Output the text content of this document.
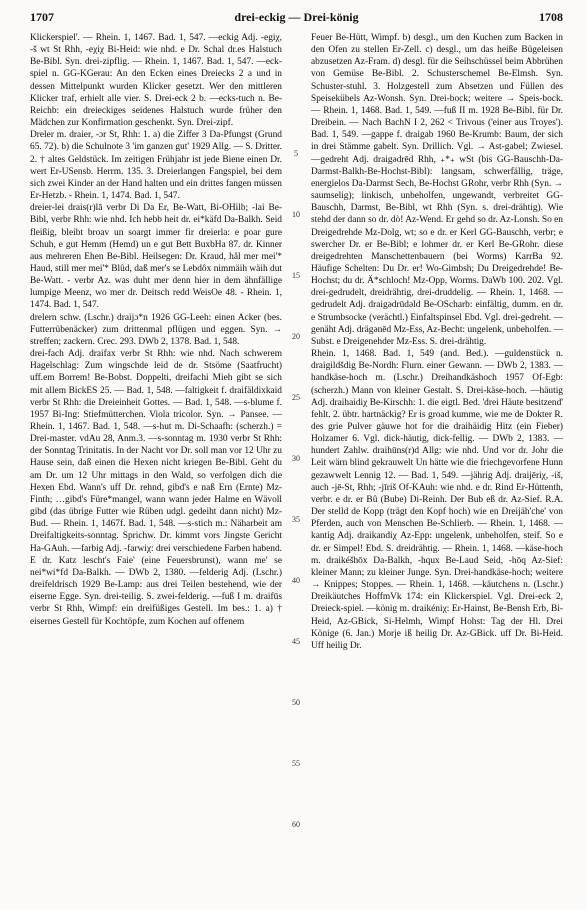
1707	drei-eckig — Drei-könig	1708

Klickerspiel'. — Rhein. 1, 1467. Bad. 1, 547. —eckig Adj. -egiχ, -š wt St Rhh, -eχiχ Bi-Heid: wie nhd. e Dr. Schal dr.es Halstuch Be-Bibl. Syn. drei-zipflig. — Rhein. 1, 1467. Bad. 1, 547. —eck-spiel n. GG-KGerau: An den Ecken eines Dreiecks 2 a und in dessen Mittelpunkt wurden Klicker gesetzt. Wer den mittleren Klicker traf, erhielt alle vier. S. Drei-eck 2 b. —ecks-tuch n. Be-Reichb: ein dreieckiges seidenes Halstuch wurde früher den Mädchen zur Konfirmation geschenkt. Syn. Drei-zipf.

Dreler m. draier, -ɔr St, Rhh: 1. a) die Ziffer 3 Da-Pfungst (Grund 65. 72). b) die Schulnote 3 'im ganzen gut' 1929 Allg. — S. Dritter. 2. † altes Geldstück. Im zeitigen Frühjahr ist jede Biene einen Dr. wert Er-USensb. Herrm. 135. 3. Dreierlangen Fangspiel, bei dem sich zwei Kinder an der Hand halten und ein drittes fangen müssen Er-Hetzb. - Rhein. 1, 1474. Bad. 1, 547.

dreier-lei drais(r)lā verbr Di Da Er, Be-Watt, Bi-OHilb; -lai Be-Bibl, verbr Rhh: wie nhd. Ich hebb heit dr. ei*käfd Da-Balkh. Seid fleißig, bleibt broav un soargt immer fir dreierla: e poar gure Schuh, e gut Hemm (Hemd) un e gut Bett BuxbHa 87. dr. Kinner aus mehreren Ehen Be-Bibl. Heilsegen: Dr. Kraud, hål mer mei'* Haud, still mer mei'* Blûd, daß mer's se Lebdôx nimmäih wäih dut Be-Watt. - verbr Az. was duht mer denn hier in dem ähnfällige lumpige Meenz, wo mer dr. Deitsch redd WeisOe 48. - Rhein. 1, 1474. Bad. 1, 547.

drelern schw. (Lschr.) draijɔ*n 1926 GG-Leeh: einen Acker (bes. Futterrübenäcker) zum drittenmal pflügen und eggen. Syn. → streffen; zackern. Crec. 293. DWb 2, 1378. Bad. 1, 548.

drei-fach Adj. draifax verbr St Rhh: wie nhd. Nach schwerem Hagelschlag: Zum wingschde leid de dr. Stsöme (Saatfrucht) uff.em Borrem! Be-Bobst. Doppelti, dreifachi Mieh gibt se sich mit allem BickES 25. — Bad. 1, 548. —faltigkeit f. draifäldixkaid verbr St Rhh: die Dreieinheit Gottes. — Bad. 1, 548. —s-blume f. 1957 Bi-Ing: Stiefmütterchen. Viola tricolor. Syn. → Pansee. — Rhein. 1, 1467. Bad. 1, 548. —s-hut m. Di-Schaafh: (scherzh.) = Drei-master. vdAu 28, Anm.3. —s-sonntag m. 1930 verbr St Rhh: der Sonntag Trinitatis. In der Nacht vor Dr. soll man vor 12 Uhr zu Hause sein, daß einen die Hexen nicht kriegen Be-Bibl. Geht du am Dr. um 12 Uhr mittags in den Wald, so verfolgen dich die Hexen Ebd. Wann's uff Dr. rehnd, gibd's e naß Ern (Ernte) Mz-Finth; …gibd's Füre*mangel, wann wann jeder Halme en Wävoll gibd (das übrige Futter wie Rüben udgl. gedeiht dann nicht) Mz-Bud. — Rhein. 1, 1467f. Bad. 1, 548. —s-stich m.: Näharbeit am Dreifaltigkeits-sonntag. Sprichw. Dr. kimmt vors Jingste Gericht Ha-GAuh. —farbig Adj. -farwiχ: drei verschiedene Farben habend. E dr. Katz lescht's Faie' (eine Feuersbrunst), wann me' se nei*wi*fd Da-Balkh. — DWb 2, 1380. —felderig Adj. (Lschr.) dreifeldrisch 1929 Be-Lamp: aus drei Teilen bestehend, wie der eiserne Egge. Syn. drei-teilig. S. zwei-felderig. —fuß I m. draifūs verbr St Rhh, Wimpf: ein dreifüßiges Gestell. Im bes.: 1. a) † eisernes Gestell für Kochtöpfe, zum Kochen auf offenem

5
10
15
20
25
30
35
40
45
50
55
60

Feuer Be-Hütt, Wimpf. b) desgl., um den Kuchen zum Backen in den Ofen zu stellen Er-Zell. c) desgl., um das heiße Bügeleisen abzusetzen Az-Fram. d) desgl. für die Seihschüssel beim Abbrühen von Gemüse Be-Bibl. 2. Schusterschemel Be-Elmsh. Syn. Schuster-stuhl. 3. Holzgestell zum Absetzen und Füllen des Speisekübels Az-Wonsh. Syn. Drei-bock; weitere → Speis-bock. — Rhein. 1, 1468. Bad. 1, 549. —fuß II m. 1928 Be-Bibl. für Dr. Dreibein. — Nach BachN I 2, 262 < Trivous ('einer aus Troyes'). Bad. 1, 549. —gappe f. draigab 1960 Be-Krumb: Baum, der sich in drei Stämme gabelt. Syn. Drillich. Vgl. → Ast-gabel; Zwiesel. —gedreht Adj. draigədrēd Rhh, ₊*₊ wSt (bis GG-Bauschh-Da-Darmst-Balkh-Be-Hochst-Bibl): langsam, schwerfällig, träge, energielos Da-Darmst Sech, Be-Hochst GRohr, verbr Rhh (Syn. → saumselig); linkisch, unbeholfen, ungewandt, verbreitet GG-Bauschh, Darmst, Be-Bibl, wt Rhh (Syn. s. drei-drähtig). Wie stehd der dann so dr. dò! Az-Wend. Er gehd so dr. Az-Lonsh. So en Dreigedrehde Mz-Dolg, wt; so e dr. er Kerl GG-Bauschh, verbr; e swercher Dr. er Be-Bibl; e lohmer dr. er Kerl Be-GRohr. diese dreigedrehten Manschettenbauern (bei Worms) KarrBa 92. Häufige Schelten: Du Dr. er! Wo-Gimbsh; Du Dreigedrehde! Be-Hochst; du dr. Ä*schloch! Mz-Opp, Worms. DaWb 100. 202. Vgl. drei-gedrudelt, dreidrähtig, drei-druddelig. — Rhein. 1, 1468. —gedrudelt Adj. draigədrūdəld Be-OScharb: einfältig, dumm. en dr. e Strumbsocke (verächtl.) Einfaltspinsel Ebd. Vgl. drei-gedreht. —genäht Adj. drägənēd Mz-Ess, Az-Becht: ungelenk, unbeholfen. — Subst. e Dreigenehder Mz-Ess. S. drei-drähtig.

Rhein. 1, 1468. Bad. 1, 549 (and. Bed.). —guldenstück n. draigildšdig Be-Nordh: Flurn. einer Gewann. — DWb 2, 1383. —handkäse-hoch m. (Lschr.) Dreihandkäshoch 1957 Of-Egb: (scherzh.) Mann von kleiner Gestalt. S. Drei-käse-hoch. —häutig Adj. draihaidiχ Be-Kirschh: 1. die eigtl. Bed. 'drei Häute besitzend' fehlt. 2. übtr. hartnäckig? Er is groad kumme, wie me de Dokter R. des grie Pulver gäuwe hot for die draihäidig Hitz (ein Fieber) Holzamer 6. Vgl. dick-häutig, dick-fellig. — DWb 2, 1383. —hundert Zahlw. draihūns(r)d Allg: wie nhd. Und vor dr. Johr die Leit wärn blind gekrauwelt Un hätte wie die friechgevorfene Hunn gezawwelt Lennig 12. — Bad. 1, 549. —jährig Adj. draijēriχ, -iš, auch -jē-St, Rhh; -jīriš Of-KAuh: wie nhd. e dr. Rind Er-Hüttenth, verbr. e dr. er Bû (Bube) Di-Reinh. Der Bub eß dr. Az-Sief. R.A. Der stelld de Kopp (trägt den Kopf hoch) wie en Dreijäh'che' von Pferden, auch von Menschen Be-Schlierb. — Rhein. 1, 1468. —kantig Adj. draikandiχ Az-Epp: ungelenk, unbeholfen, steif. So e dr. er Simpel! Ebd. S. dreidrähtig. — Rhein. 1, 1468. —käse-hoch m. draikéšhōx Da-Balkh, -hqux Be-Laud Seid, -hōq Az-Sief: kleiner Mann; zu kleiner Junge. Syn. Drei-handkäse-hoch; weitere → Knippes; Stoppes. — Rhein. 1, 1468. —käutchens n. (Lschr.) Dreikäutches HoffmVk 174: ein Klickerspiel. Vgl. Drei-eck 2, Dreieck-spiel. —könig m. draikéniχ: Er-Hainst, Be-Bensh Erb, Bi-Heid, Az-GBick, Si-Helmh, Wimpf Hohst: Tag der Hl. Drei Könige (6. Jan.) Morje iß heilig Dr. Az-GBick. uff Dr. Bi-Heid. Uff heilig Dr.
